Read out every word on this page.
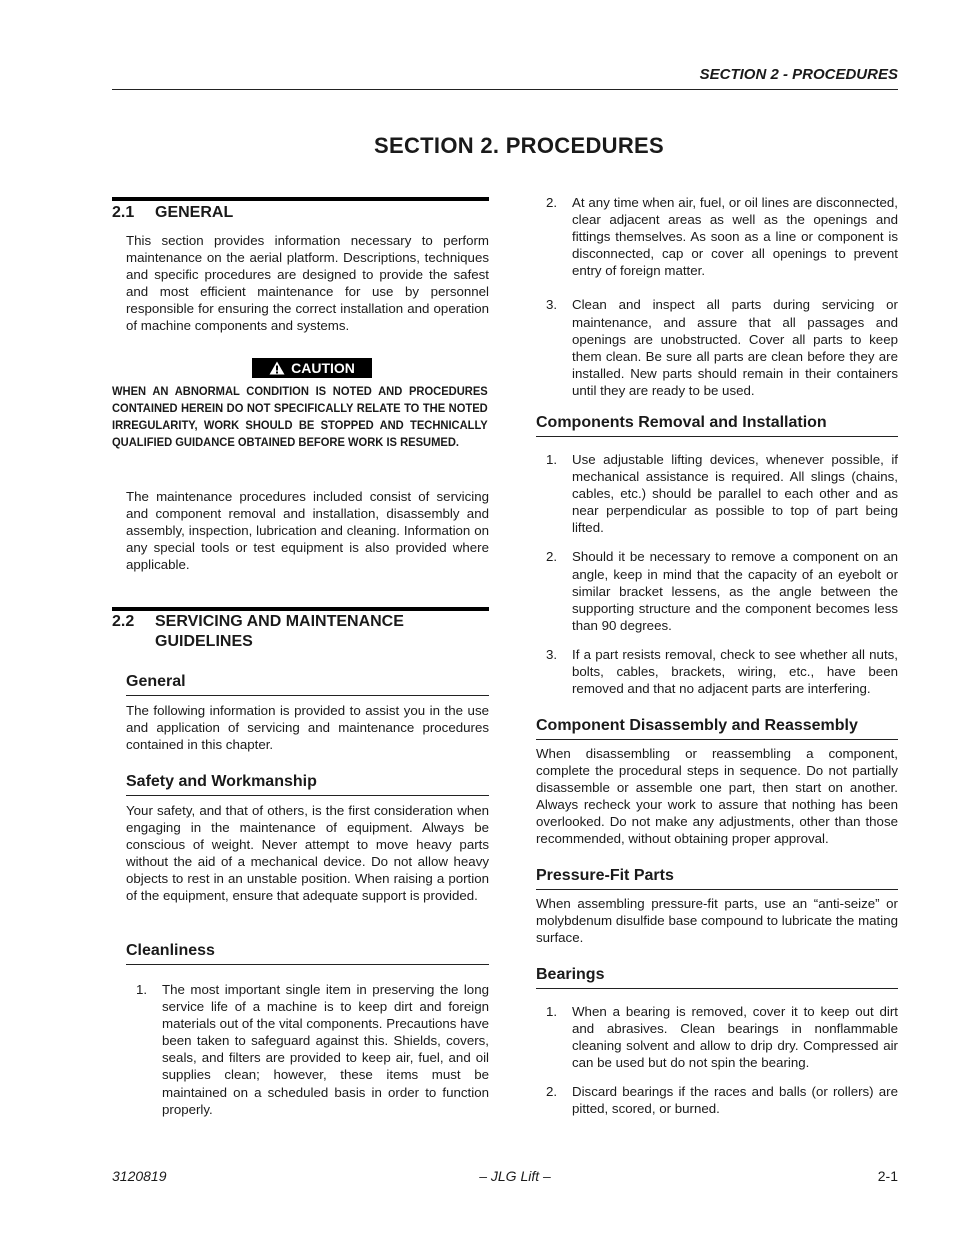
SECTION 2 - PROCEDURES
SECTION 2. PROCEDURES
2.1	GENERAL

This section provides information necessary to perform maintenance on the aerial platform. Descriptions, techniques and specific procedures are designed to provide the safest and most efficient maintenance for use by personnel responsible for ensuring the correct installation and operation of machine components and systems.

CAUTION

WHEN AN ABNORMAL CONDITION IS NOTED AND PROCEDURES CONTAINED HEREIN DO NOT SPECIFICALLY RELATE TO THE NOTED IRREGULARITY, WORK SHOULD BE STOPPED AND TECHNICALLY QUALIFIED GUIDANCE OBTAINED BEFORE WORK IS RESUMED.

The maintenance procedures included consist of servicing and component removal and installation, disassembly and assembly, inspection, lubrication and cleaning. Information on any special tools or test equipment is also provided where applicable.

2.2	SERVICING AND MAINTENANCE GUIDELINES
General

The following information is provided to assist you in the use and application of servicing and maintenance procedures contained in this chapter.

Safety and Workmanship

Your safety, and that of others, is the first consideration when engaging in the maintenance of equipment. Always be conscious of weight. Never attempt to move heavy parts without the aid of a mechanical device. Do not allow heavy objects to rest in an unstable position. When raising a portion of the equipment, ensure that adequate support is provided.

Cleanliness
1. The most important single item in preserving the long service life of a machine is to keep dirt and foreign materials out of the vital components. Precautions have been taken to safeguard against this. Shields, covers, seals, and filters are provided to keep air, fuel, and oil supplies clean; however, these items must be maintained on a scheduled basis in order to function properly.
2. At any time when air, fuel, or oil lines are disconnected, clear adjacent areas as well as the openings and fittings themselves. As soon as a line or component is disconnected, cap or cover all openings to prevent entry of foreign matter.
3. Clean and inspect all parts during servicing or maintenance, and assure that all passages and openings are unobstructed. Cover all parts to keep them clean. Be sure all parts are clean before they are installed. New parts should remain in their containers until they are ready to be used.
Components Removal and Installation
1. Use adjustable lifting devices, whenever possible, if mechanical assistance is required. All slings (chains, cables, etc.) should be parallel to each other and as near perpendicular as possible to top of part being lifted.
2. Should it be necessary to remove a component on an angle, keep in mind that the capacity of an eyebolt or similar bracket lessens, as the angle between the supporting structure and the component becomes less than 90 degrees.
3. If a part resists removal, check to see whether all nuts, bolts, cables, brackets, wiring, etc., have been removed and that no adjacent parts are interfering.
Component Disassembly and Reassembly

When disassembling or reassembling a component, complete the procedural steps in sequence. Do not partially disassemble or assemble one part, then start on another. Always recheck your work to assure that nothing has been overlooked. Do not make any adjustments, other than those recommended, without obtaining proper approval.

Pressure-Fit Parts

When assembling pressure-fit parts, use an “anti-seize” or molybdenum disulfide base compound to lubricate the mating surface.

Bearings
1. When a bearing is removed, cover it to keep out dirt and abrasives. Clean bearings in nonflammable cleaning solvent and allow to drip dry. Compressed air can be used but do not spin the bearing.
2. Discard bearings if the races and balls (or rollers) are pitted, scored, or burned.
3120819	– JLG Lift –	2-1
